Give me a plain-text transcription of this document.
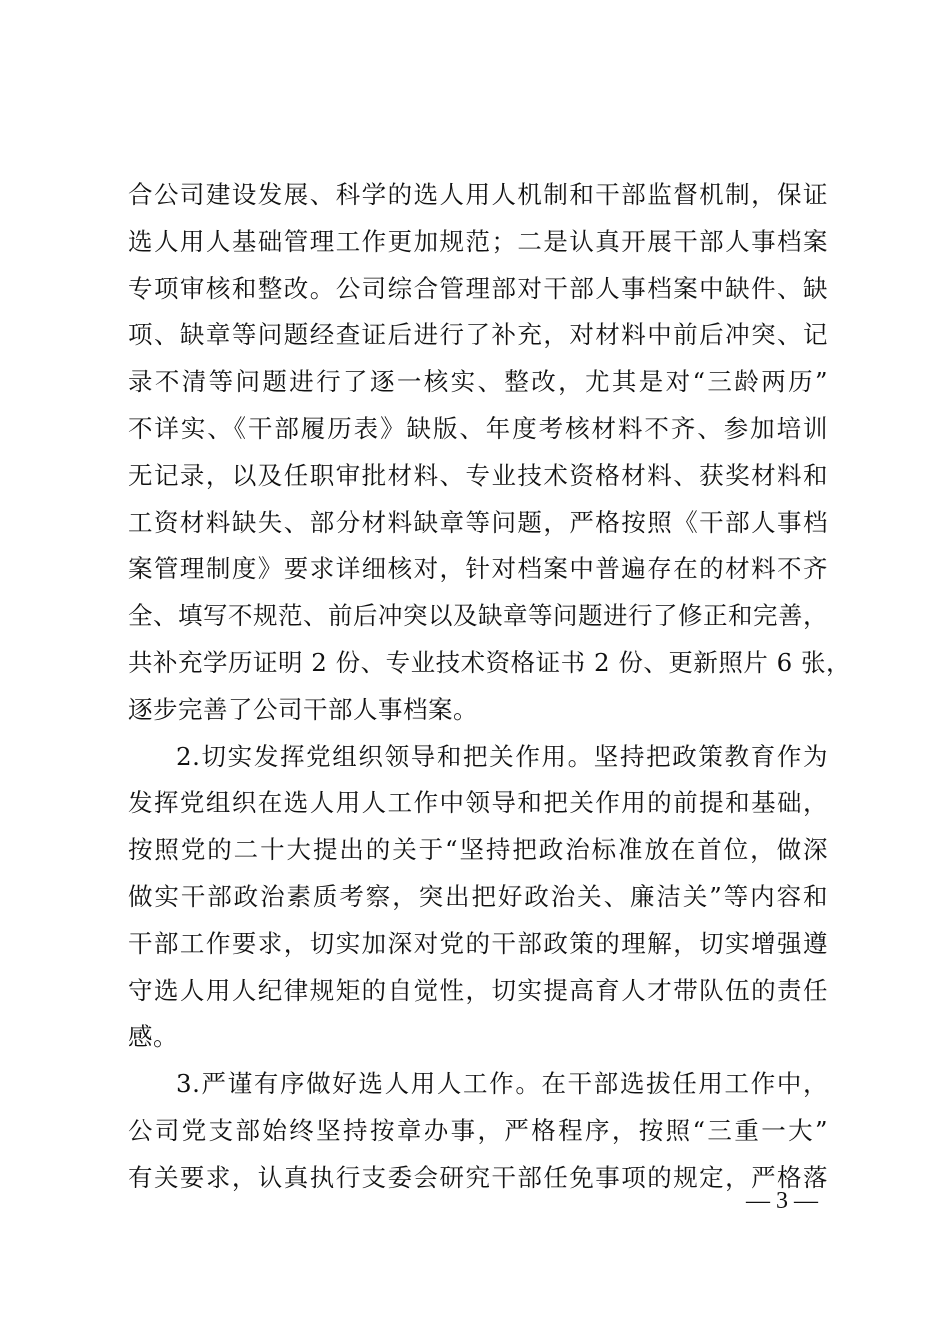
合公司建设发展、科学的选人用人机制和干部监督机制，保证
选人用人基础管理工作更加规范；二是认真开展干部人事档案
专项审核和整改。公司综合管理部对干部人事档案中缺件、缺
项、缺章等问题经查证后进行了补充，对材料中前后冲突、记
录不清等问题进行了逐一核实、整改，尤其是对“三龄两历”
不详实、《干部履历表》缺版、年度考核材料不齐、参加培训
无记录，以及任职审批材料、专业技术资格材料、获奖材料和
工资材料缺失、部分材料缺章等问题，严格按照《干部人事档
案管理制度》要求详细核对，针对档案中普遍存在的材料不齐
全、填写不规范、前后冲突以及缺章等问题进行了修正和完善，
共补充学历证明 2 份、专业技术资格证书 2 份、更新照片 6 张，
逐步完善了公司干部人事档案。
2.切实发挥党组织领导和把关作用。坚持把政策教育作为
发挥党组织在选人用人工作中领导和把关作用的前提和基础，
按照党的二十大提出的关于“坚持把政治标准放在首位，做深
做实干部政治素质考察，突出把好政治关、廉洁关”等内容和
干部工作要求，切实加深对党的干部政策的理解，切实增强遵
守选人用人纪律规矩的自觉性，切实提高育人才带队伍的责任
感。
3.严谨有序做好选人用人工作。在干部选拔任用工作中，
公司党支部始终坚持按章办事，严格程序，按照“三重一大”
有关要求，认真执行支委会研究干部任免事项的规定，严格落
— 3 —
